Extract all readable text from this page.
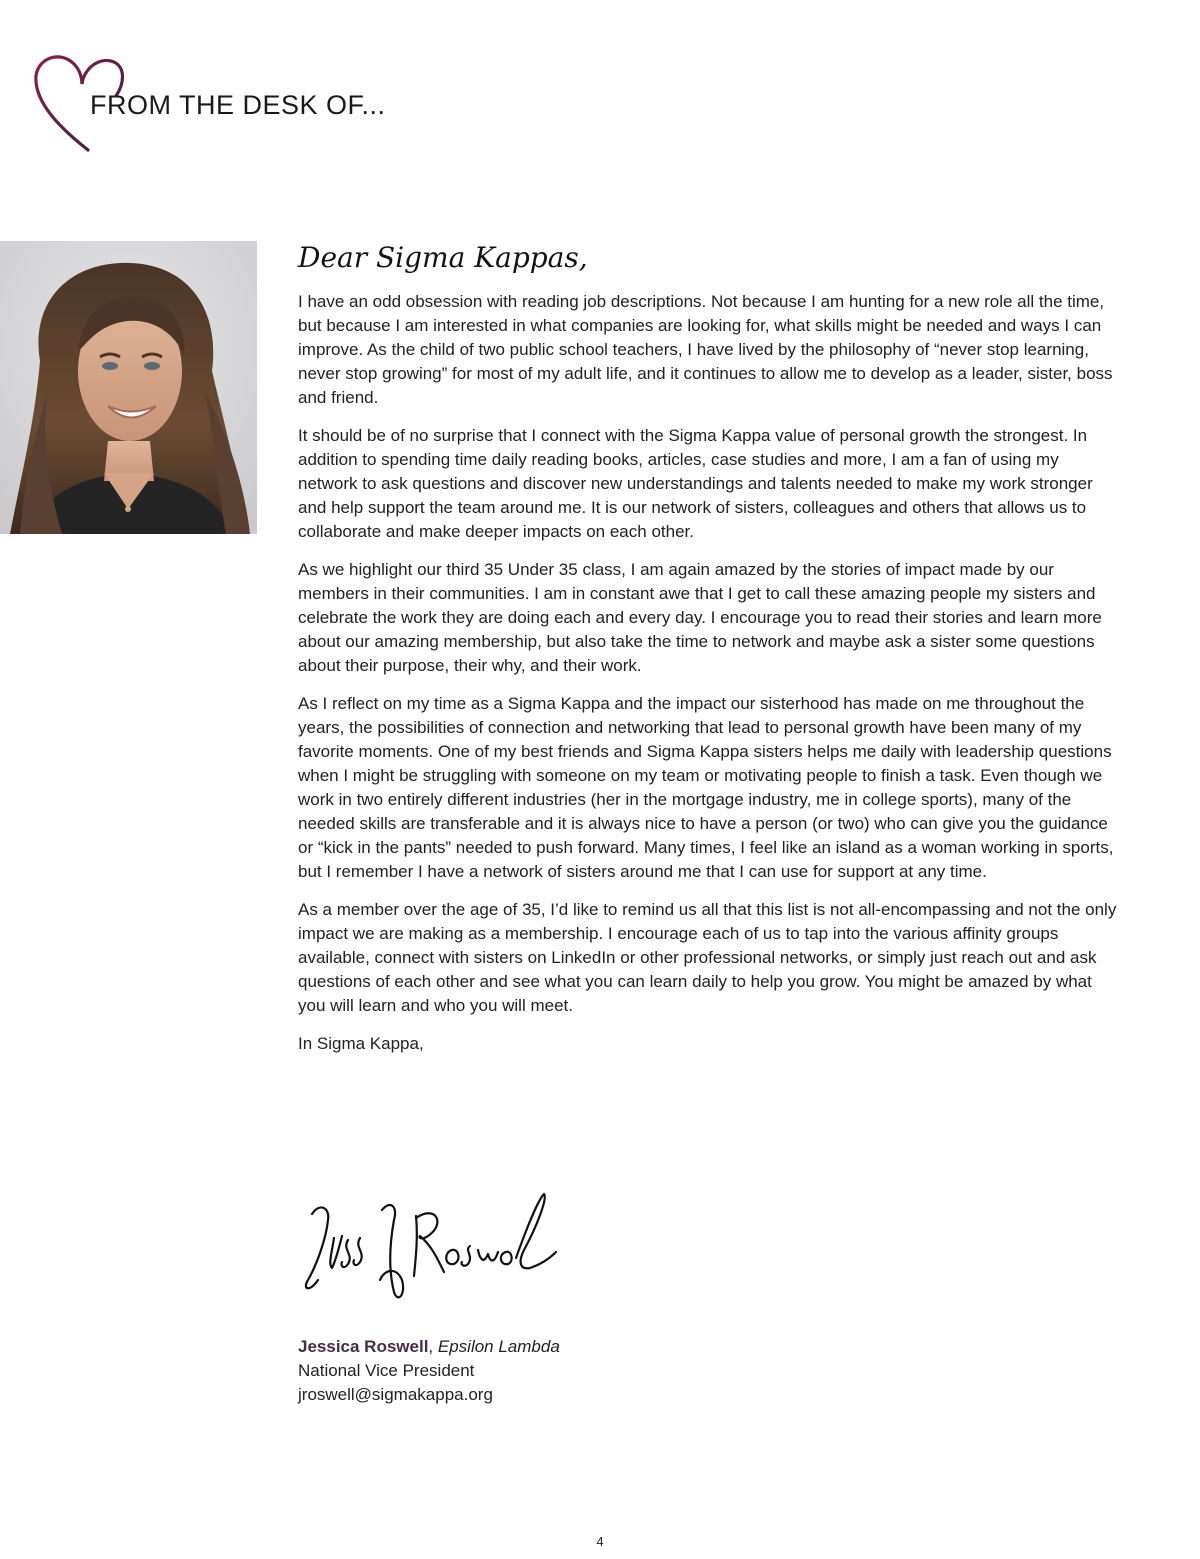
FROM THE DESK OF...
Dear Sigma Kappas,

I have an odd obsession with reading job descriptions. Not because I am hunting for a new role all the time, but because I am interested in what companies are looking for, what skills might be needed and ways I can improve. As the child of two public school teachers, I have lived by the philosophy of “never stop learning, never stop growing” for most of my adult life, and it continues to allow me to develop as a leader, sister, boss and friend.

It should be of no surprise that I connect with the Sigma Kappa value of personal growth the strongest. In addition to spending time daily reading books, articles, case studies and more, I am a fan of using my network to ask questions and discover new understandings and talents needed to make my work stronger and help support the team around me. It is our network of sisters, colleagues and others that allows us to collaborate and make deeper impacts on each other.

As we highlight our third 35 Under 35 class, I am again amazed by the stories of impact made by our members in their communities. I am in constant awe that I get to call these amazing people my sisters and celebrate the work they are doing each and every day. I encourage you to read their stories and learn more about our amazing membership, but also take the time to network and maybe ask a sister some questions about their purpose, their why, and their work.

As I reflect on my time as a Sigma Kappa and the impact our sisterhood has made on me throughout the years, the possibilities of connection and networking that lead to personal growth have been many of my favorite moments. One of my best friends and Sigma Kappa sisters helps me daily with leadership questions when I might be struggling with someone on my team or motivating people to finish a task. Even though we work in two entirely different industries (her in the mortgage industry, me in college sports), many of the needed skills are transferable and it is always nice to have a person (or two) who can give you the guidance or “kick in the pants” needed to push forward. Many times, I feel like an island as a woman working in sports, but I remember I have a network of sisters around me that I can use for support at any time.

As a member over the age of 35, I’d like to remind us all that this list is not all-encompassing and not the only impact we are making as a membership. I encourage each of us to tap into the various affinity groups available, connect with sisters on LinkedIn or other professional networks, or simply just reach out and ask questions of each other and see what you can learn daily to help you grow. You might be amazed by what you will learn and who you will meet.

In Sigma Kappa,

Jessica Roswell, Epsilon Lambda
National Vice President
jroswell@sigmakappa.org
4
